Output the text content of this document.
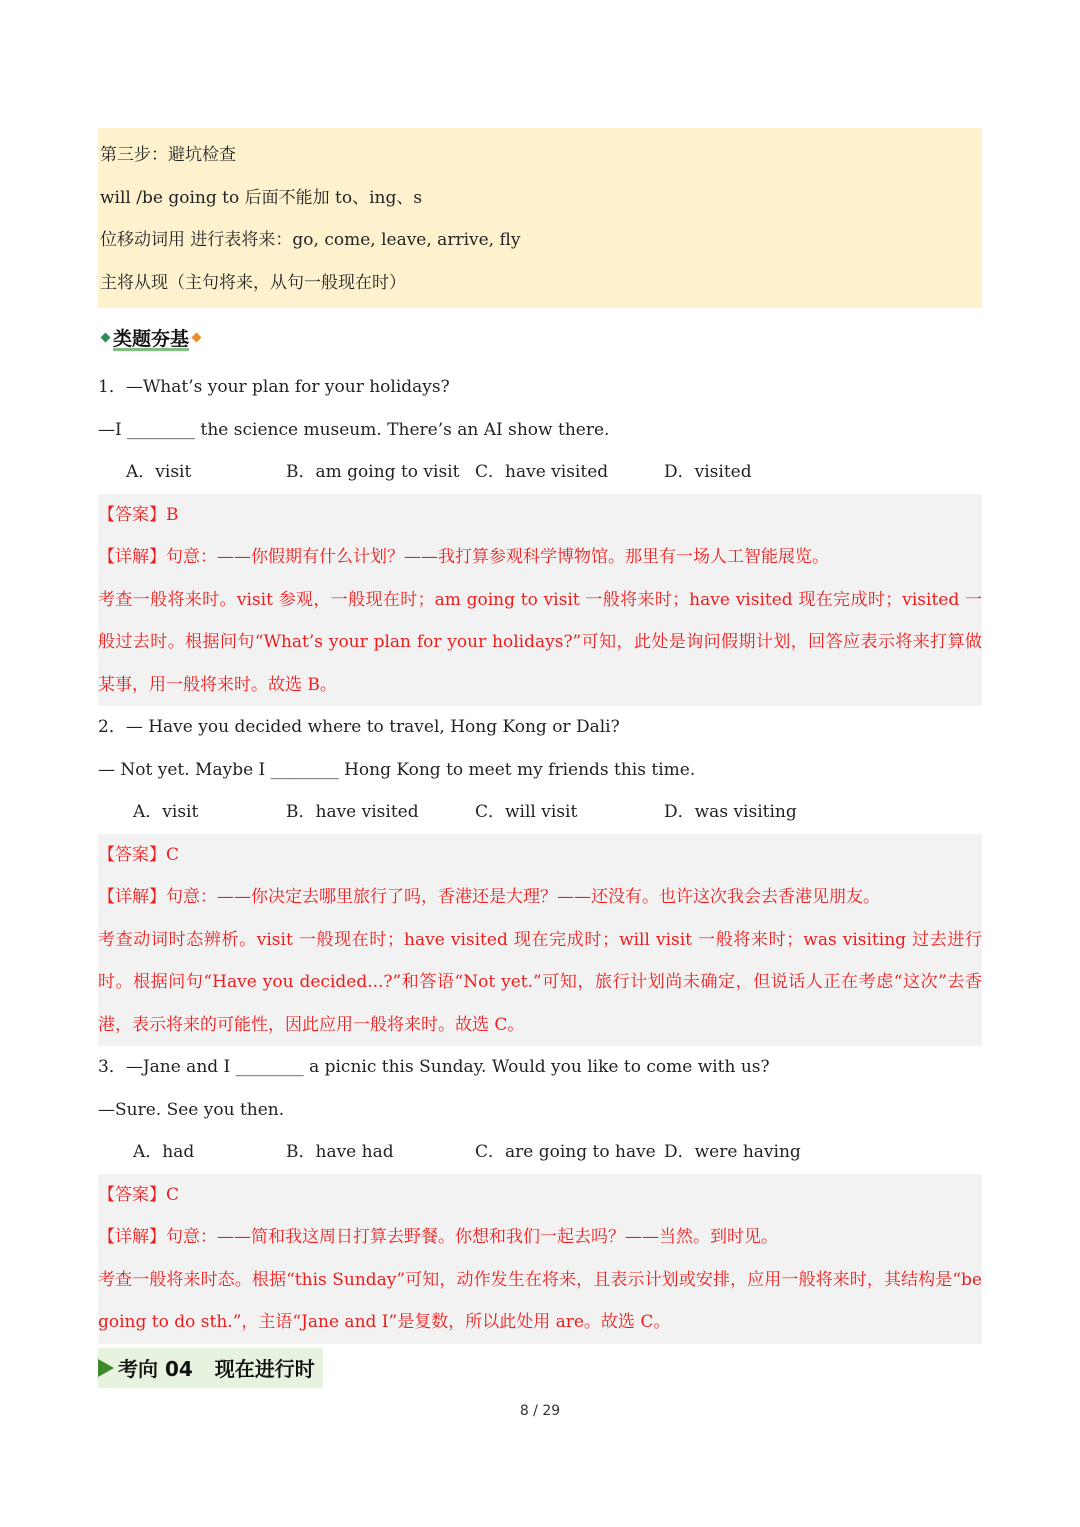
第三步：避坑检查
will /be going to 后面不能加 to、ing、s
位移动词用 进行表将来：go, come, leave, arrive, fly
主将从现（主句将来，从句一般现在时）
类题夯基
1．—What’s your plan for your holidays?
—I ________ the science museum. There’s an AI show there.
A．visit	B．am going to visit C．have visited	D．visited
【答案】B
【详解】句意：——你假期有什么计划？——我打算参观科学博物馆。那里有一场人工智能展览。
考查一般将来时。visit 参观，一般现在时；am going to visit 一般将来时；have visited 现在完成时；visited 一般过去时。根据问句“What’s your plan for your holidays?”可知，此处是询问假期计划，回答应表示将来打算做某事，用一般将来时。故选 B。
2．— Have you decided where to travel, Hong Kong or Dali?
— Not yet. Maybe I ________ Hong Kong to meet my friends this time.
A．visit	B．have visited	C．will visit	D．was visiting
【答案】C
【详解】句意：——你决定去哪里旅行了吗，香港还是大理？——还没有。也许这次我会去香港见朋友。
考查动词时态辨析。visit 一般现在时；have visited 现在完成时；will visit 一般将来时；was visiting 过去进行时。根据问句“Have you decided...?”和答语“Not yet.”可知，旅行计划尚未确定，但说话人正在考虑“这次”去香港，表示将来的可能性，因此应用一般将来时。故选 C。
3．—Jane and I ________ a picnic this Sunday. Would you like to come with us?
—Sure. See you then.
A．had	B．have had	C．are going to have D．were having
【答案】C
【详解】句意：——简和我这周日打算去野餐。你想和我们一起去吗？——当然。到时见。
考查一般将来时态。根据“this Sunday”可知，动作发生在将来，且表示计划或安排，应用一般将来时，其结构是“be going to do sth.”，主语“Jane and I”是复数，所以此处用 are。故选 C。
考向 04 现在进行时
8 / 29
